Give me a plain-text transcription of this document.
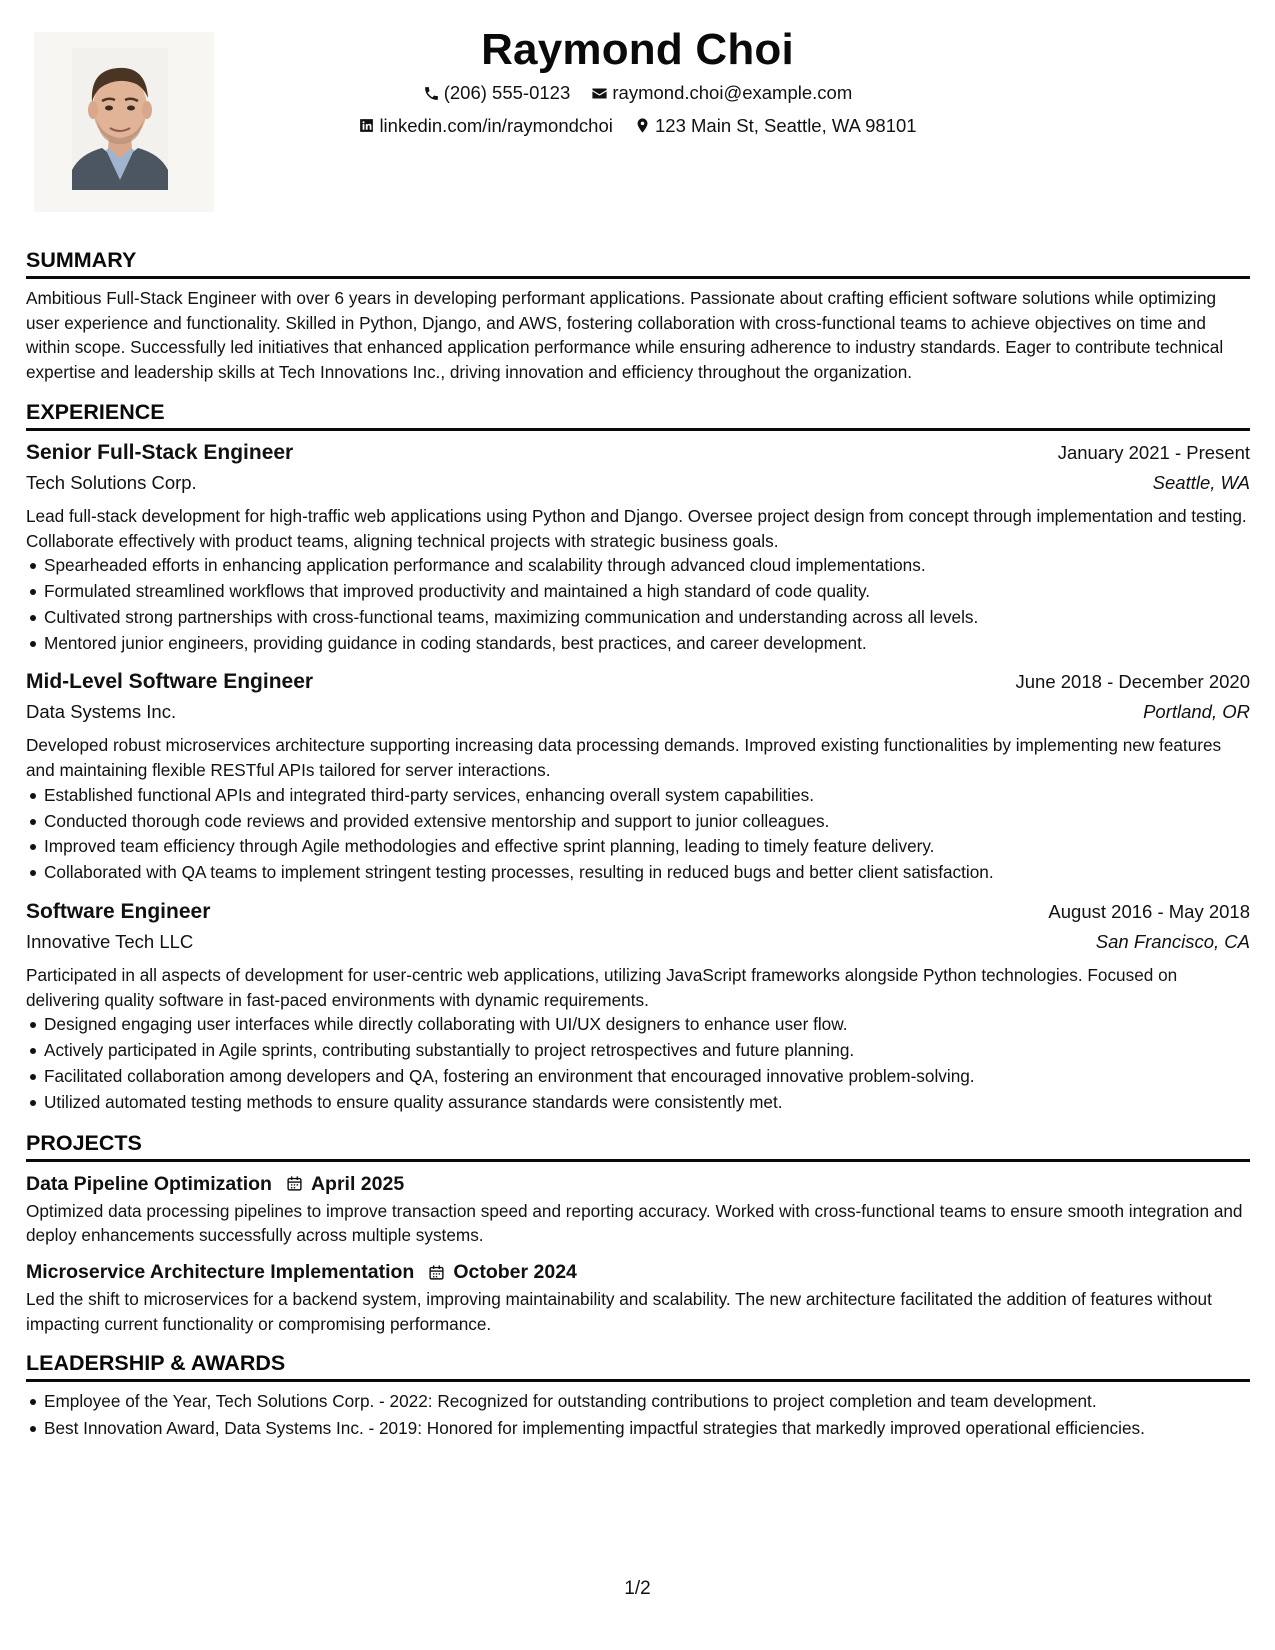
Raymond Choi
(206) 555-0123
raymond.choi@example.com
linkedin.com/in/raymondchoi
123 Main St, Seattle, WA 98101
SUMMARY
Ambitious Full-Stack Engineer with over 6 years in developing performant applications. Passionate about crafting efficient software solutions while optimizing user experience and functionality. Skilled in Python, Django, and AWS, fostering collaboration with cross-functional teams to achieve objectives on time and within scope. Successfully led initiatives that enhanced application performance while ensuring adherence to industry standards. Eager to contribute technical expertise and leadership skills at Tech Innovations Inc., driving innovation and efficiency throughout the organization.
EXPERIENCE
Senior Full-Stack Engineer	January 2021 - Present
Tech Solutions Corp.	Seattle, WA
Lead full-stack development for high-traffic web applications using Python and Django. Oversee project design from concept through implementation and testing. Collaborate effectively with product teams, aligning technical projects with strategic business goals.
Spearheaded efforts in enhancing application performance and scalability through advanced cloud implementations.
Formulated streamlined workflows that improved productivity and maintained a high standard of code quality.
Cultivated strong partnerships with cross-functional teams, maximizing communication and understanding across all levels.
Mentored junior engineers, providing guidance in coding standards, best practices, and career development.
Mid-Level Software Engineer	June 2018 - December 2020
Data Systems Inc.	Portland, OR
Developed robust microservices architecture supporting increasing data processing demands. Improved existing functionalities by implementing new features and maintaining flexible RESTful APIs tailored for server interactions.
Established functional APIs and integrated third-party services, enhancing overall system capabilities.
Conducted thorough code reviews and provided extensive mentorship and support to junior colleagues.
Improved team efficiency through Agile methodologies and effective sprint planning, leading to timely feature delivery.
Collaborated with QA teams to implement stringent testing processes, resulting in reduced bugs and better client satisfaction.
Software Engineer	August 2016 - May 2018
Innovative Tech LLC	San Francisco, CA
Participated in all aspects of development for user-centric web applications, utilizing JavaScript frameworks alongside Python technologies. Focused on delivering quality software in fast-paced environments with dynamic requirements.
Designed engaging user interfaces while directly collaborating with UI/UX designers to enhance user flow.
Actively participated in Agile sprints, contributing substantially to project retrospectives and future planning.
Facilitated collaboration among developers and QA, fostering an environment that encouraged innovative problem-solving.
Utilized automated testing methods to ensure quality assurance standards were consistently met.
PROJECTS
Data Pipeline Optimization April 2025
Optimized data processing pipelines to improve transaction speed and reporting accuracy. Worked with cross-functional teams to ensure smooth integration and deploy enhancements successfully across multiple systems.
Microservice Architecture Implementation October 2024
Led the shift to microservices for a backend system, improving maintainability and scalability. The new architecture facilitated the addition of features without impacting current functionality or compromising performance.
LEADERSHIP & AWARDS
Employee of the Year, Tech Solutions Corp. - 2022: Recognized for outstanding contributions to project completion and team development.
Best Innovation Award, Data Systems Inc. - 2019: Honored for implementing impactful strategies that markedly improved operational efficiencies.
1/2
